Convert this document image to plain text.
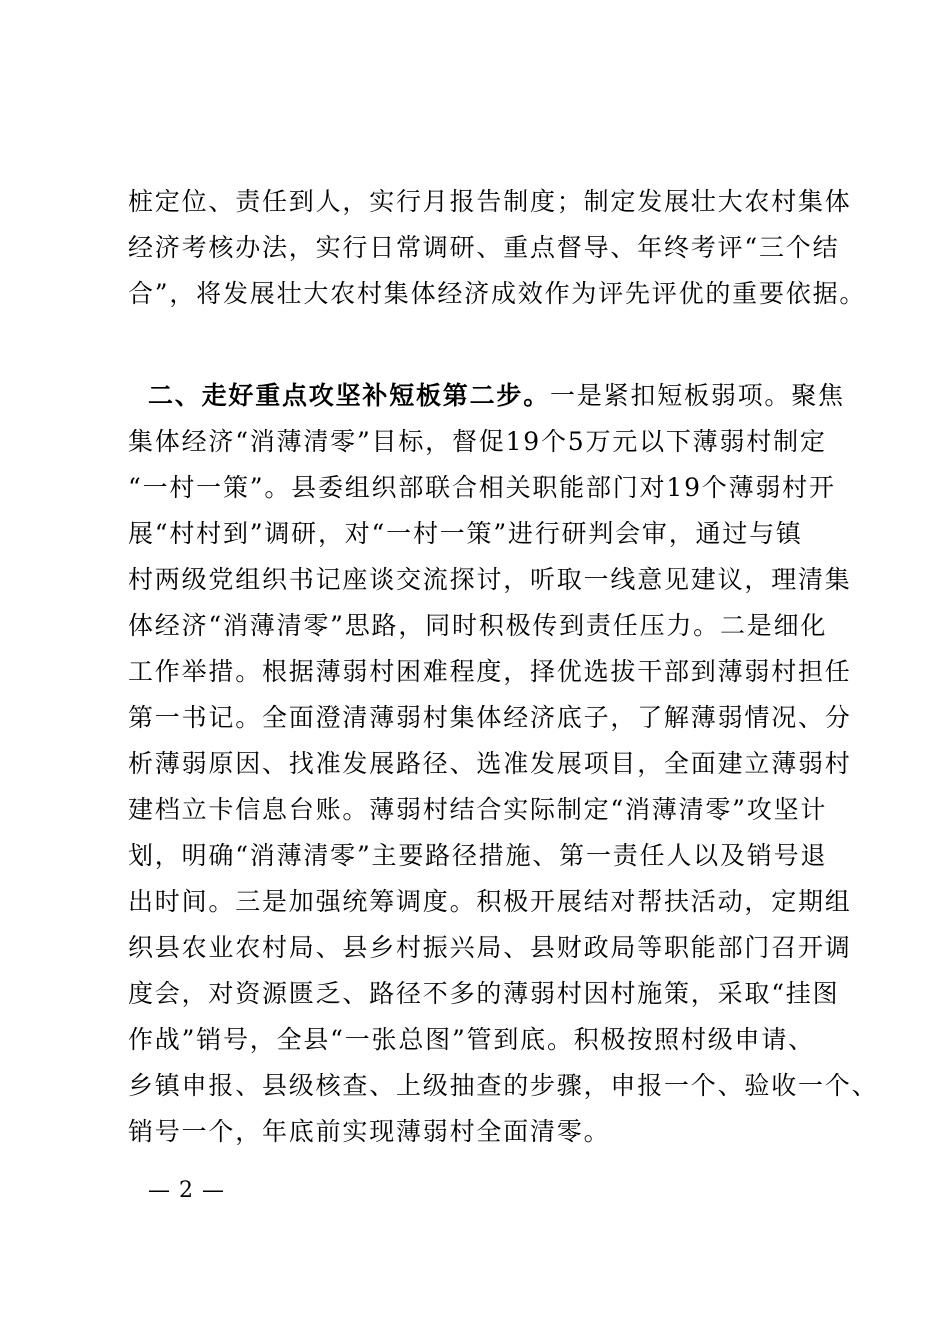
桩定位、责任到人，实行月报告制度；制定发展壮大农村集体
经济考核办法，实行日常调研、重点督导、年终考评“三个结
合”，将发展壮大农村集体经济成效作为评先评优的重要依据。
二、走好重点攻坚补短板第二步。一是紧扣短板弱项。聚焦
集体经济“消薄清零”目标，督促19个5万元以下薄弱村制定
“一村一策”。县委组织部联合相关职能部门对19个薄弱村开
展“村村到”调研，对“一村一策”进行研判会审，通过与镇
村两级党组织书记座谈交流探讨，听取一线意见建议，理清集
体经济“消薄清零”思路，同时积极传到责任压力。二是细化
工作举措。根据薄弱村困难程度，择优选拔干部到薄弱村担任
第一书记。全面澄清薄弱村集体经济底子，了解薄弱情况、分
析薄弱原因、找准发展路径、选准发展项目，全面建立薄弱村
建档立卡信息台账。薄弱村结合实际制定“消薄清零”攻坚计
划，明确“消薄清零”主要路径措施、第一责任人以及销号退
出时间。三是加强统筹调度。积极开展结对帮扶活动，定期组
织县农业农村局、县乡村振兴局、县财政局等职能部门召开调
度会，对资源匮乏、路径不多的薄弱村因村施策，采取“挂图
作战”销号，全县“一张总图”管到底。积极按照村级申请、
乡镇申报、县级核查、上级抽查的步骤，申报一个、验收一个、
销号一个，年底前实现薄弱村全面清零。
— 2 —
